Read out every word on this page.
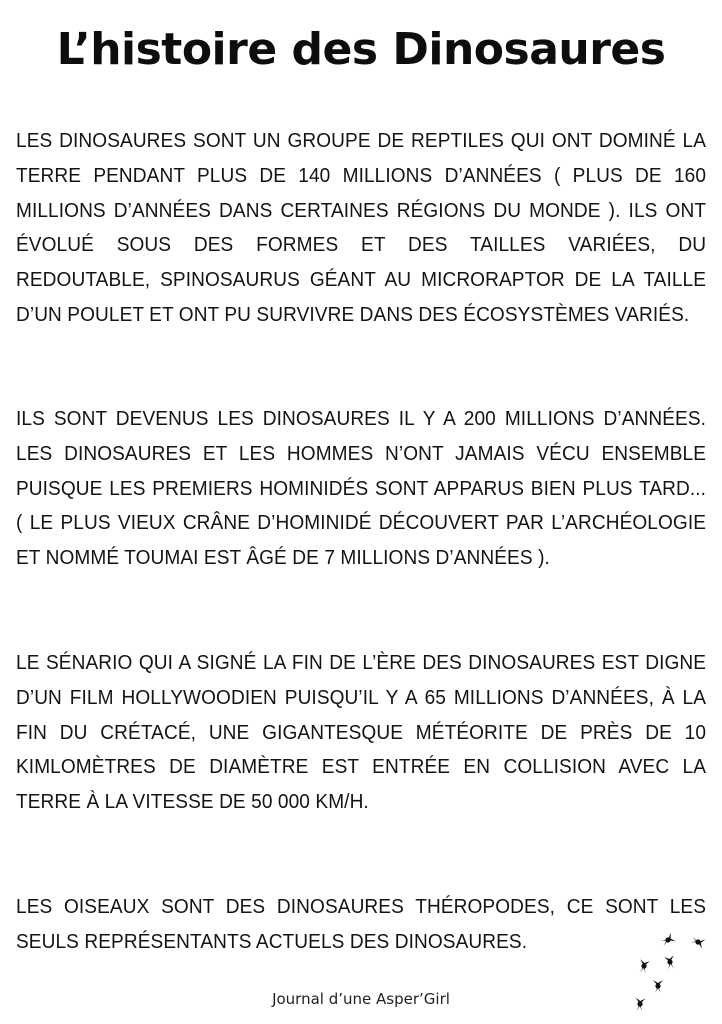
L’histoire des Dinosaures

LES DINOSAURES SONT UN GROUPE DE REPTILES QUI ONT DOMINÉ LA TERRE PENDANT PLUS DE 140 MILLIONS D’ANNÉES ( PLUS DE 160 MILLIONS D’ANNÉES DANS CERTAINES RÉGIONS DU MONDE ). ILS ONT ÉVOLUÉ SOUS DES FORMES ET DES TAILLES VARIÉES, DU REDOUTABLE, SPINOSAURUS GÉANT AU MICRORAPTOR DE LA TAILLE D’UN POULET ET ONT PU SURVIVRE DANS DES ÉCOSYSTÈMES VARIÉS.

ILS SONT DEVENUS LES DINOSAURES IL Y A 200 MILLIONS D’ANNÉES. LES DINOSAURES ET LES HOMMES N’ONT JAMAIS VÉCU ENSEMBLE PUISQUE LES PREMIERS HOMINIDÉS SONT APPARUS BIEN PLUS TARD... ( LE PLUS VIEUX CRÂNE D’HOMINIDÉ DÉCOUVERT PAR L’ARCHÉOLOGIE ET NOMMÉ TOUMAI EST ÂGÉ DE 7 MILLIONS D’ANNÉES ).

LE SÉNARIO QUI A SIGNÉ LA FIN DE L’ÈRE DES DINOSAURES EST DIGNE D’UN FILM HOLLYWOODIEN PUISQU’IL Y A 65 MILLIONS D’ANNÉES, À LA FIN DU CRÉTACÉ, UNE GIGANTESQUE MÉTÉORITE DE PRÈS DE 10 KIMLOMÈTRES DE DIAMÈTRE EST ENTRÉE EN COLLISION AVEC LA TERRE À LA VITESSE DE 50 000 KM/H.

LES OISEAUX SONT DES DINOSAURES THÉROPODES, CE SONT LES SEULS REPRÉSENTANTS ACTUELS DES DINOSAURES.

Journal d’une Asper’Girl
